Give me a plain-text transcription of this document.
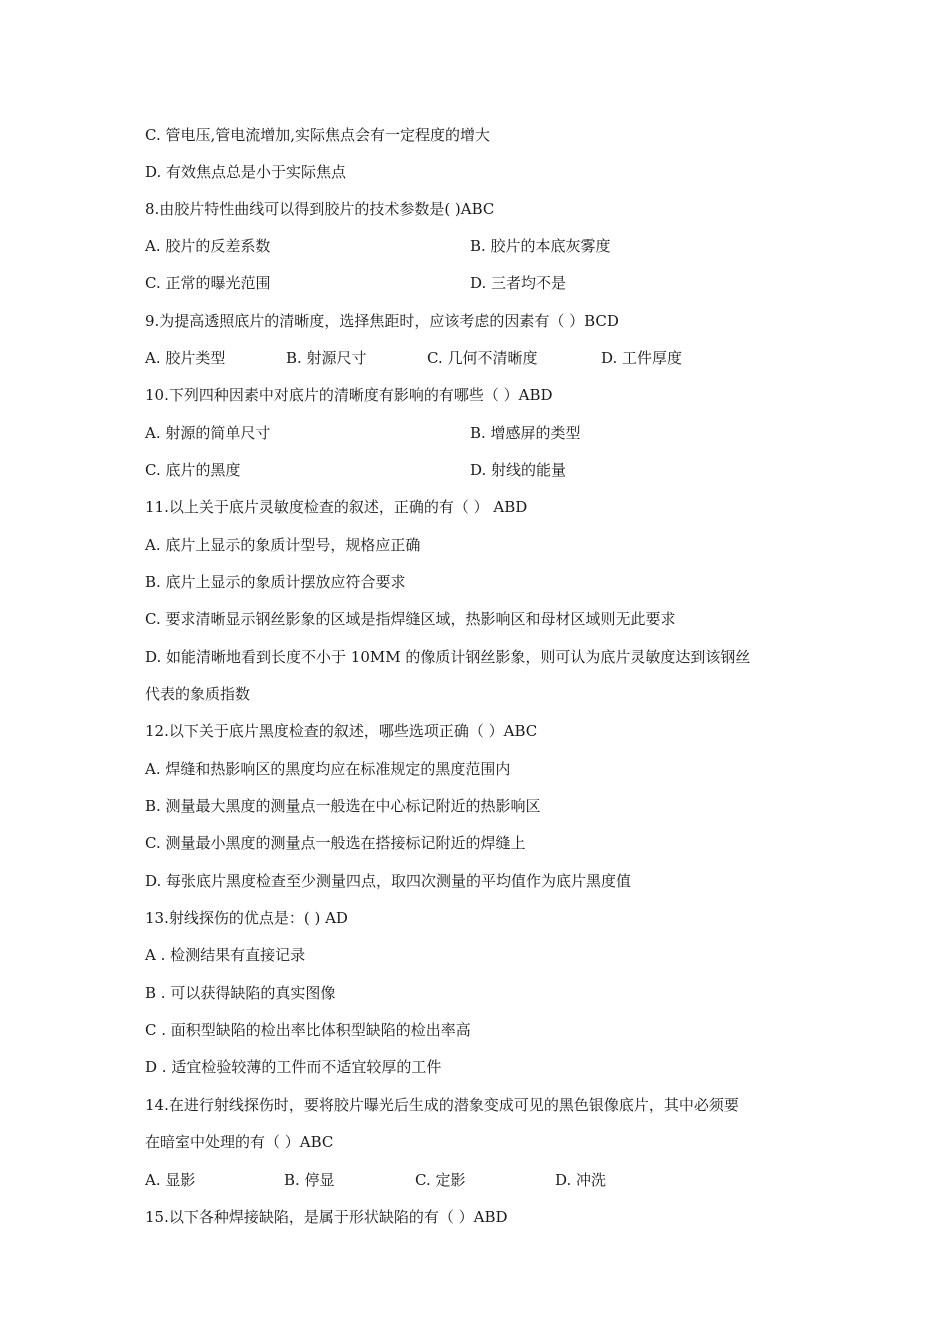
C. 管电压,管电流增加,实际焦点会有一定程度的增大
D. 有效焦点总是小于实际焦点
8.由胶片特性曲线可以得到胶片的技术参数是( )ABC
A. 胶片的反差系数	B. 胶片的本底灰雾度
C. 正常的曝光范围	D. 三者均不是
9.为提高透照底片的清晰度，选择焦距时，应该考虑的因素有（ ）BCD
A. 胶片类型	B. 射源尺寸	C. 几何不清晰度	D. 工件厚度
10.下列四种因素中对底片的清晰度有影响的有哪些（ ）ABD
A. 射源的简单尺寸	B. 增感屏的类型
C. 底片的黑度	D. 射线的能量
11.以上关于底片灵敏度检查的叙述，正确的有（ ） ABD
A. 底片上显示的象质计型号，规格应正确
B. 底片上显示的象质计摆放应符合要求
C. 要求清晰显示钢丝影象的区域是指焊缝区域，热影响区和母材区域则无此要求
D. 如能清晰地看到长度不小于 10MM 的像质计钢丝影象，则可认为底片灵敏度达到该钢丝
代表的象质指数
12.以下关于底片黑度检查的叙述，哪些选项正确（ ）ABC
A. 焊缝和热影响区的黑度均应在标准规定的黑度范围内
B. 测量最大黑度的测量点一般选在中心标记附近的热影响区
C. 测量最小黑度的测量点一般选在搭接标记附近的焊缝上
D. 每张底片黑度检查至少测量四点，取四次测量的平均值作为底片黑度值
13.射线探伤的优点是：( ) AD
A . 检测结果有直接记录
B . 可以获得缺陷的真实图像
C . 面积型缺陷的检出率比体积型缺陷的检出率高
D . 适宜检验较薄的工件而不适宜较厚的工件
14.在进行射线探伤时，要将胶片曝光后生成的潜象变成可见的黑色银像底片，其中必须要
在暗室中处理的有（ ）ABC
A. 显影	B. 停显	C. 定影	D. 冲洗
15.以下各种焊接缺陷，是属于形状缺陷的有（ ）ABD
